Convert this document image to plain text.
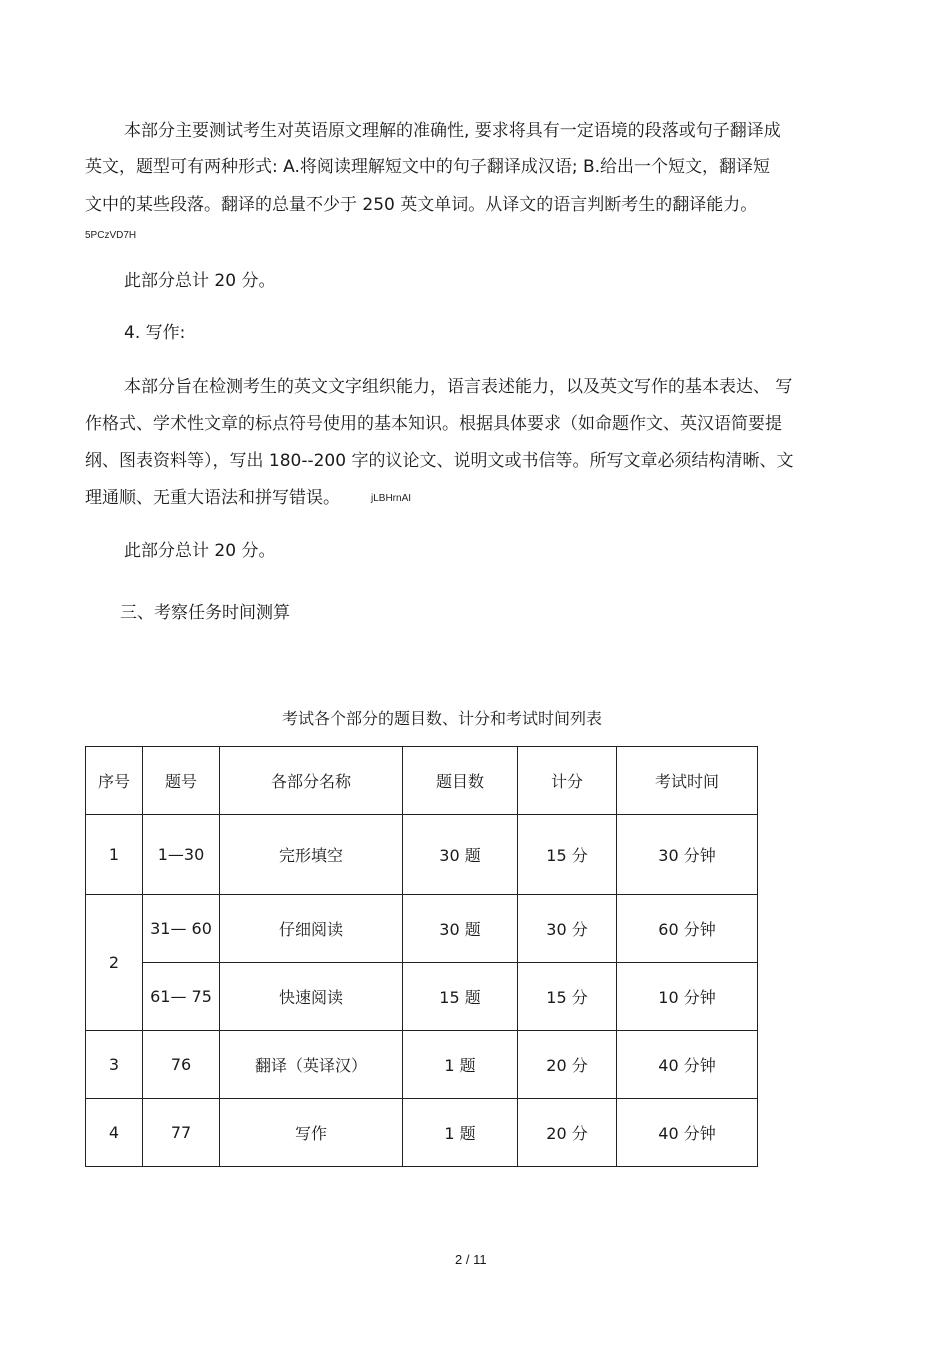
本部分主要测试考生对英语原文理解的准确性, 要求将具有一定语境的段落或句子翻译成
英文，题型可有两种形式: A.将阅读理解短文中的句子翻译成汉语; B.给出一个短文，翻译短
文中的某些段落。翻译的总量不少于 250 英文单词。从译文的语言判断考生的翻译能力。
5PCzVD7H
此部分总计 20 分。
4. 写作:
本部分旨在检测考生的英文文字组织能力，语言表述能力，以及英文写作的基本表达、 写
作格式、学术性文章的标点符号使用的基本知识。根据具体要求（如命题作文、英汉语简要提
纲、图表资料等），写出 180--200 字的议论文、说明文或书信等。所写文章必须结构清晰、文
理通顺、无重大语法和拼写错误。	jLBHrnAI
此部分总计 20 分。
三、考察任务时间测算
考试各个部分的题目数、计分和考试时间列表
序号	题号	各部分名称	题目数	计分	考试时间
1	1—30	完形填空	30 题	15 分	30 分钟
2	31— 60	仔细阅读	30 题	30 分	60 分钟
	61— 75	快速阅读	15 题	15 分	10 分钟
3	76	翻译（英译汉）	1 题	20 分	40 分钟
4	77	写作	1 题	20 分	40 分钟
2 / 11
